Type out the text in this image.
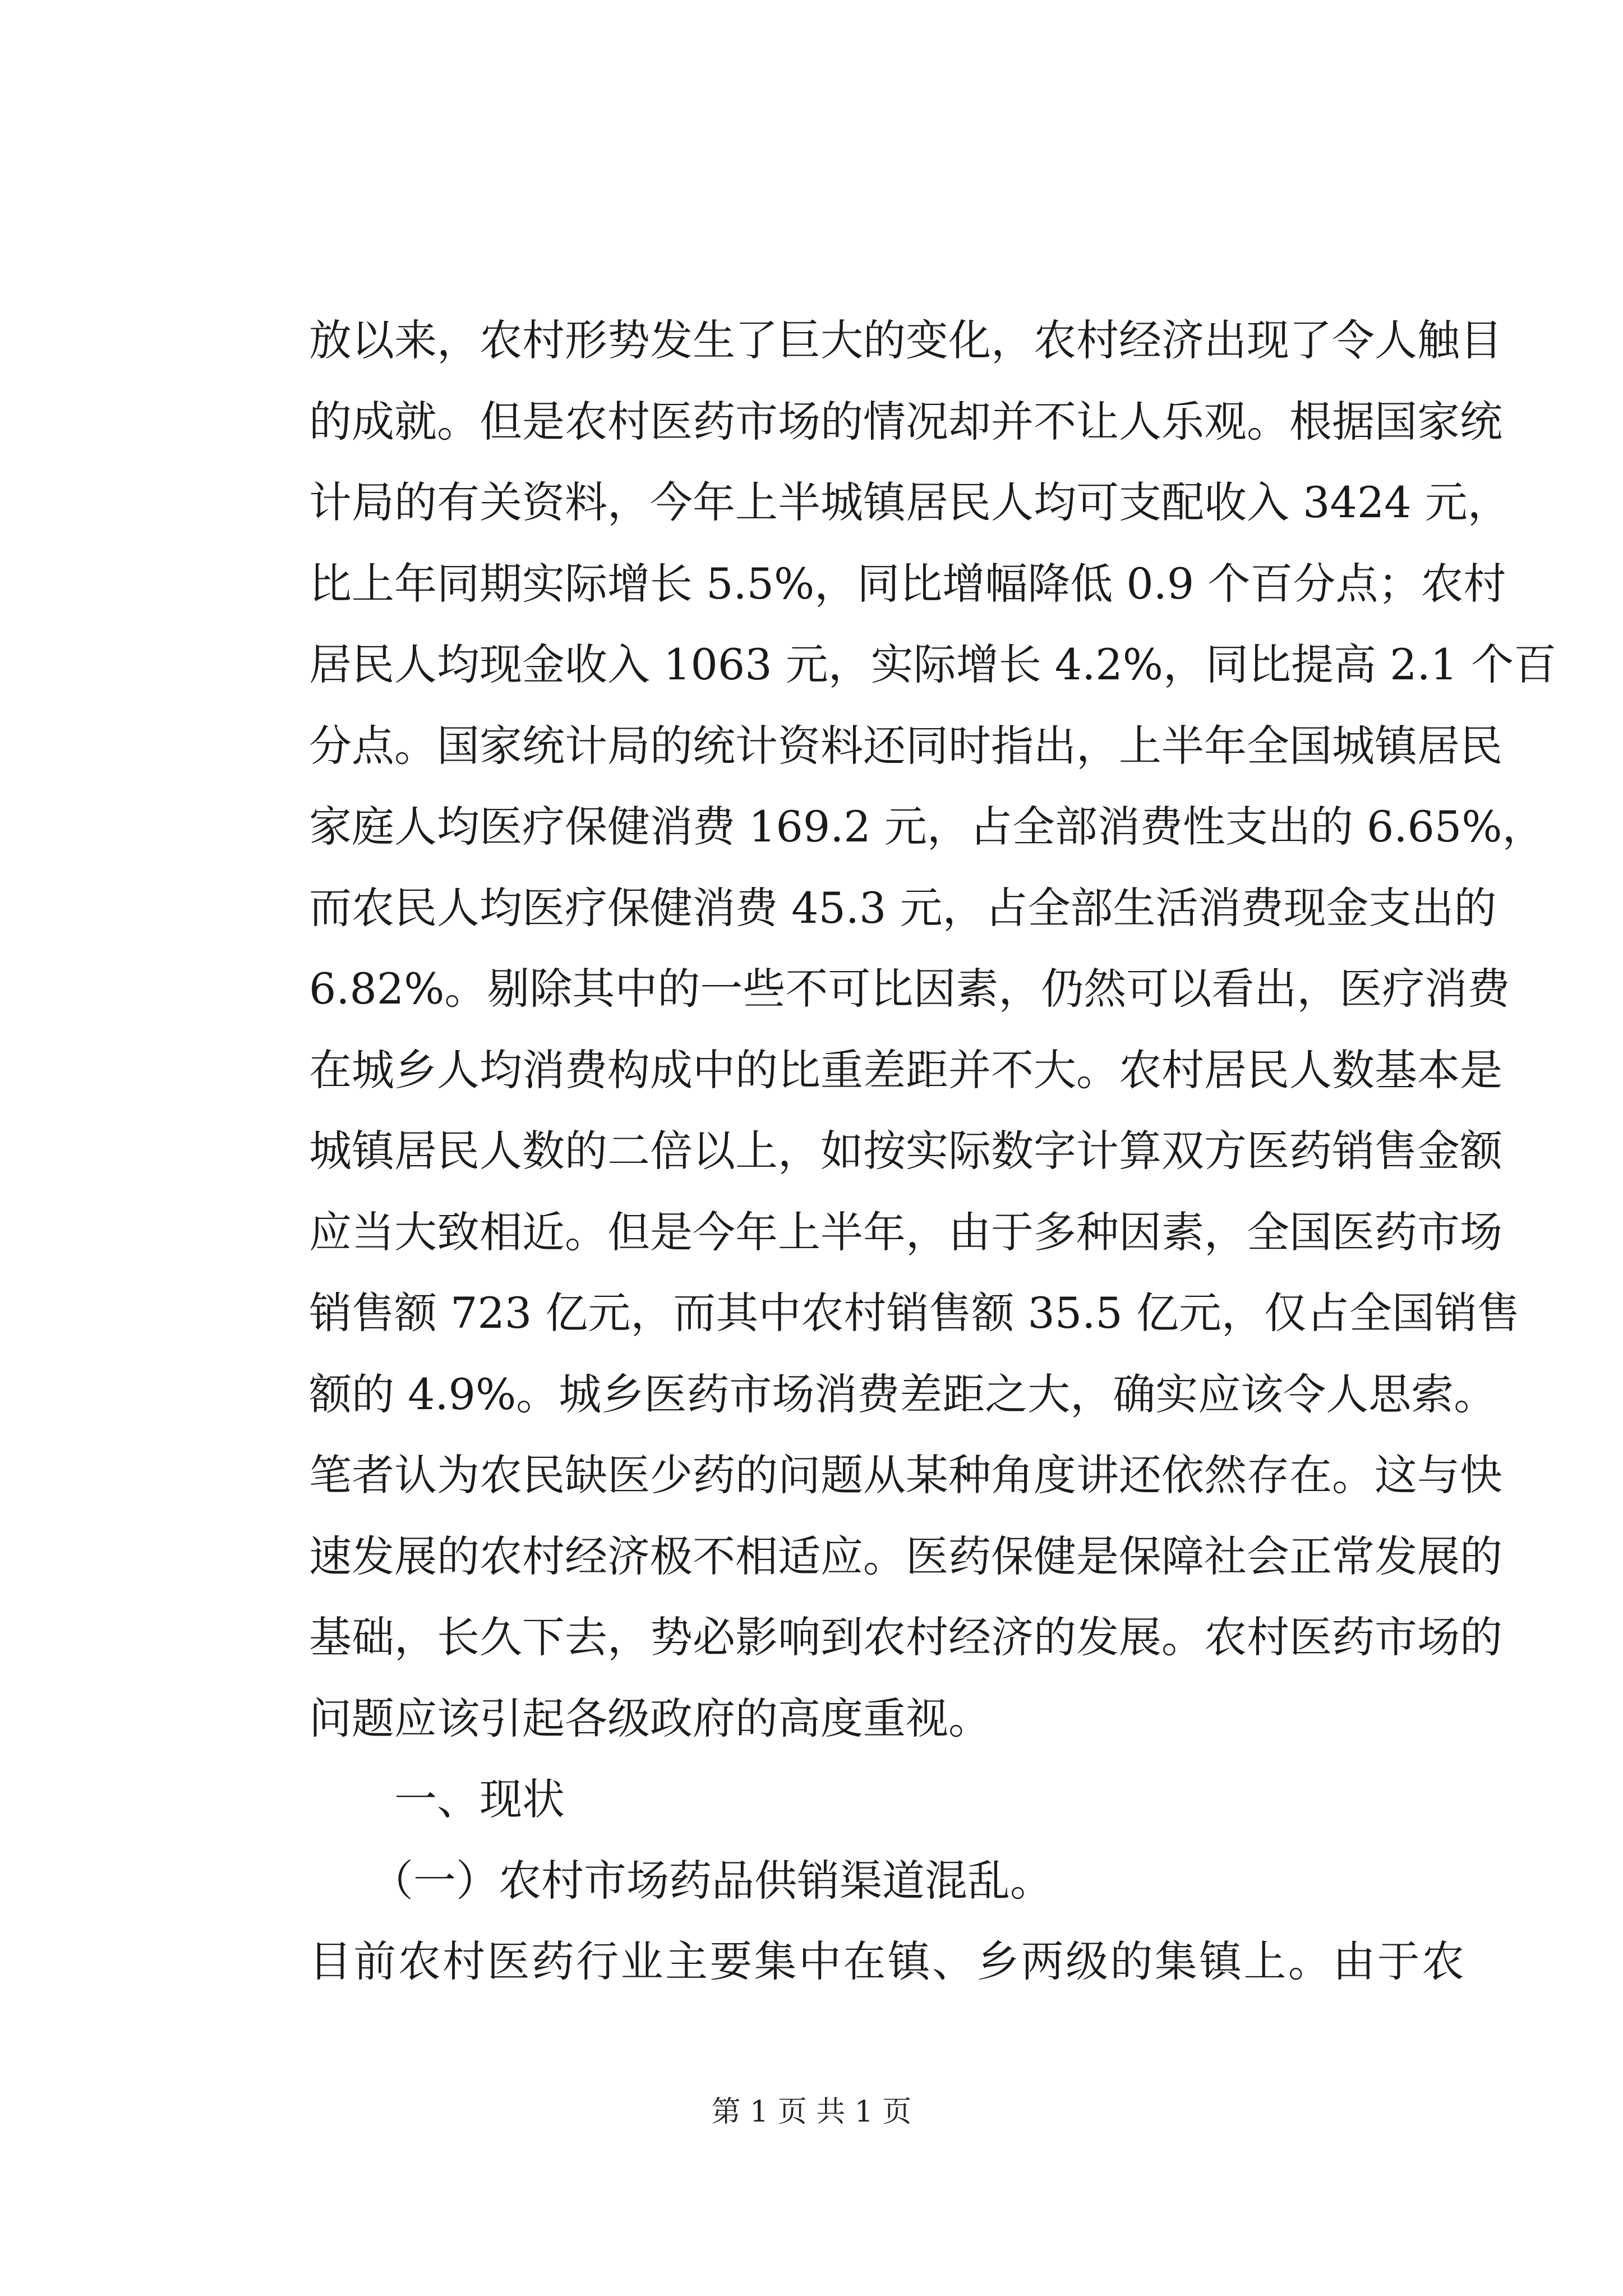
放以来，农村形势发生了巨大的变化，农村经济出现了令人触目
的成就。但是农村医药市场的情况却并不让人乐观。根据国家统
计局的有关资料，今年上半城镇居民人均可支配收入 3424 元，
比上年同期实际增长 5.5%，同比增幅降低 0.9 个百分点；农村
居民人均现金收入 1063 元，实际增长 4.2%，同比提高 2.1 个百
分点。国家统计局的统计资料还同时指出，上半年全国城镇居民
家庭人均医疗保健消费 169.2 元，占全部消费性支出的 6.65%，
而农民人均医疗保健消费 45.3 元，占全部生活消费现金支出的
6.82%。剔除其中的一些不可比因素，仍然可以看出，医疗消费
在城乡人均消费构成中的比重差距并不大。农村居民人数基本是
城镇居民人数的二倍以上，如按实际数字计算双方医药销售金额
应当大致相近。但是今年上半年，由于多种因素，全国医药市场
销售额 723 亿元，而其中农村销售额 35.5 亿元，仅占全国销售
额的 4.9%。城乡医药市场消费差距之大，确实应该令人思索。
笔者认为农民缺医少药的问题从某种角度讲还依然存在。这与快
速发展的农村经济极不相适应。医药保健是保障社会正常发展的
基础，长久下去，势必影响到农村经济的发展。农村医药市场的
问题应该引起各级政府的高度重视。
一、现状
（一）农村市场药品供销渠道混乱。
目前农村医药行业主要集中在镇、乡两级的集镇上。由于农
第 1 页 共 1 页
